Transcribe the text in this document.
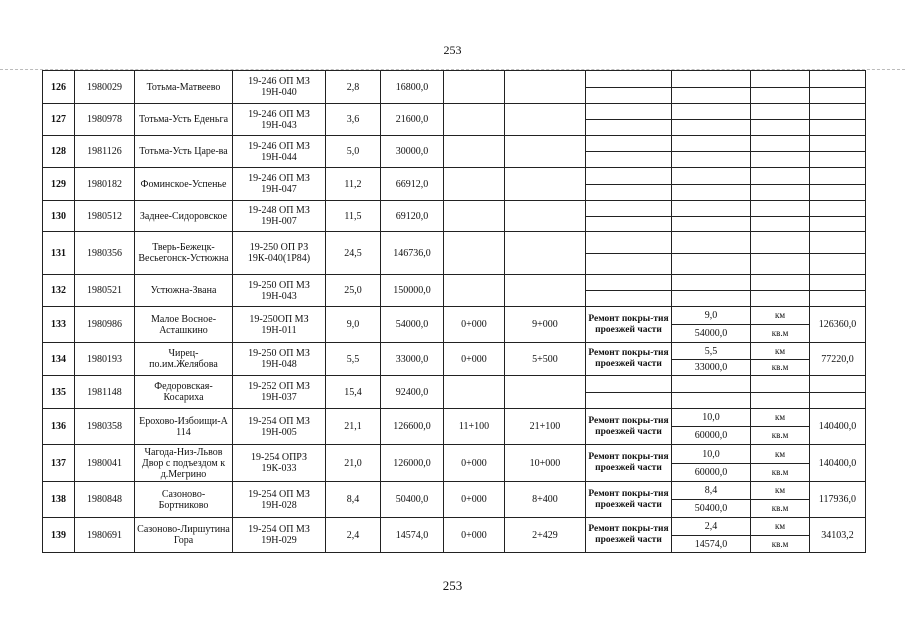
253
126	1980029	Тотьма-Матвеево	19-246 ОП МЗ 19Н-040	2,8	16800,0						

127	1980978	Тотьма-Усть Еденьга	19-246 ОП МЗ 19Н-043	3,6	21600,0						

128	1981126	Тотьма-Усть Царе-ва	19-246 ОП МЗ 19Н-044	5,0	30000,0						

129	1980182	Фоминское-Успенье	19-246 ОП МЗ 19Н-047	11,2	66912,0						

130	1980512	Заднее-Сидоровское	19-248 ОП МЗ 19Н-007	11,5	69120,0						

131	1980356	Тверь-Бежецк-Весьегонск-Устюжна	19-250 ОП РЗ 19К-040(1Р84)	24,5	146736,0						

132	1980521	Устюжна-Звана	19-250 ОП МЗ 19Н-043	25,0	150000,0						

133	1980986	Малое Восное-Асташкино	19-250ОП МЗ 19Н-011	9,0	54000,0	0+000	9+000	Ремонт покры-тия проезжей части	9,0	км	126360,0
									54000,0	кв.м	
134	1980193	Чирец-по.им.Желябова	19-250 ОП МЗ 19Н-048	5,5	33000,0	0+000	5+500	Ремонт покры-тия проезжей части	5,5	км	77220,0
									33000,0	кв.м	
135	1981148	Федоровская-Косариха	19-252 ОП МЗ 19Н-037	15,4	92400,0						

136	1980358	Ерохово-Избоищи-А 114	19-254 ОП МЗ 19Н-005	21,1	126600,0	11+100	21+100	Ремонт покры-тия проезжей части	10,0	км	140400,0
									60000,0	кв.м	
137	1980041	Чагода-Низ-Львов Двор с подъездом к д.Мегрино	19-254 ОПРЗ 19К-033	21,0	126000,0	0+000	10+000	Ремонт покры-тия проезжей части	10,0	км	140400,0
									60000,0	кв.м	
138	1980848	Сазоново-Бортниково	19-254 ОП МЗ 19Н-028	8,4	50400,0	0+000	8+400	Ремонт покры-тия проезжей части	8,4	км	117936,0
									50400,0	кв.м	
139	1980691	Сазоново-Лиршутина Гора	19-254 ОП МЗ 19Н-029	2,4	14574,0	0+000	2+429	Ремонт покры-тия проезжей части	2,4	км	34103,2
									14574,0	кв.м	
253
